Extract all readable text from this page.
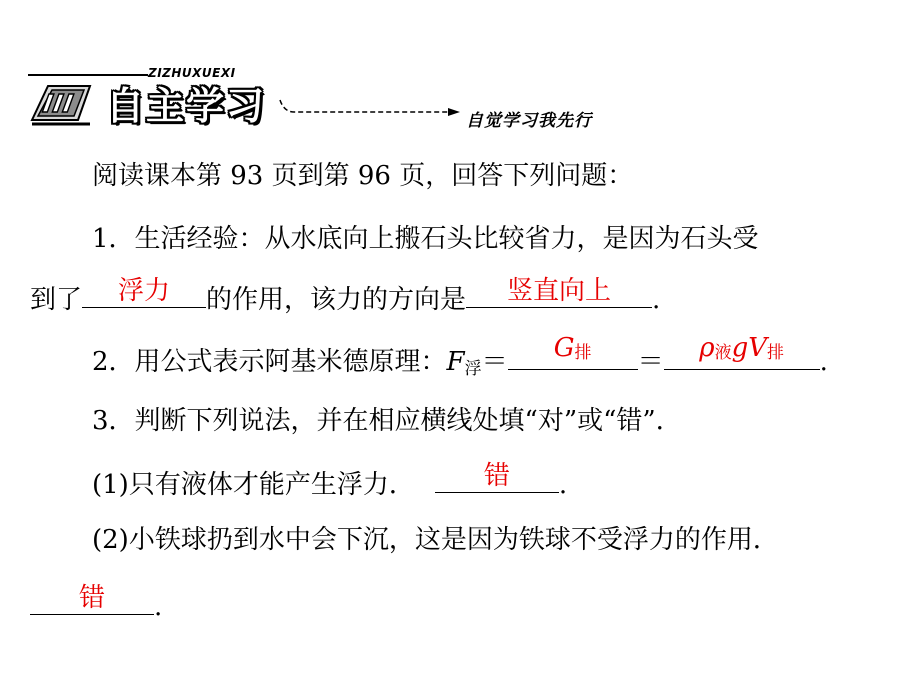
ZIZHUXUEXI
自主学习	自觉学习我先行
阅读课本第 93 页到第 96 页，回答下列问题：
1．生活经验：从水底向上搬石头比较省力，是因为石头受
到了	浮力	的作用，该力的方向是	竖直向上	.
2．用公式表示阿基米德原理：F浮＝	G排	＝	ρ液gV排	.
3．判断下列说法，并在相应横线处填“对”或“错”．
(1)只有液体才能产生浮力．	错	.
(2)小铁球扔到水中会下沉，这是因为铁球不受浮力的作用．
错	.
